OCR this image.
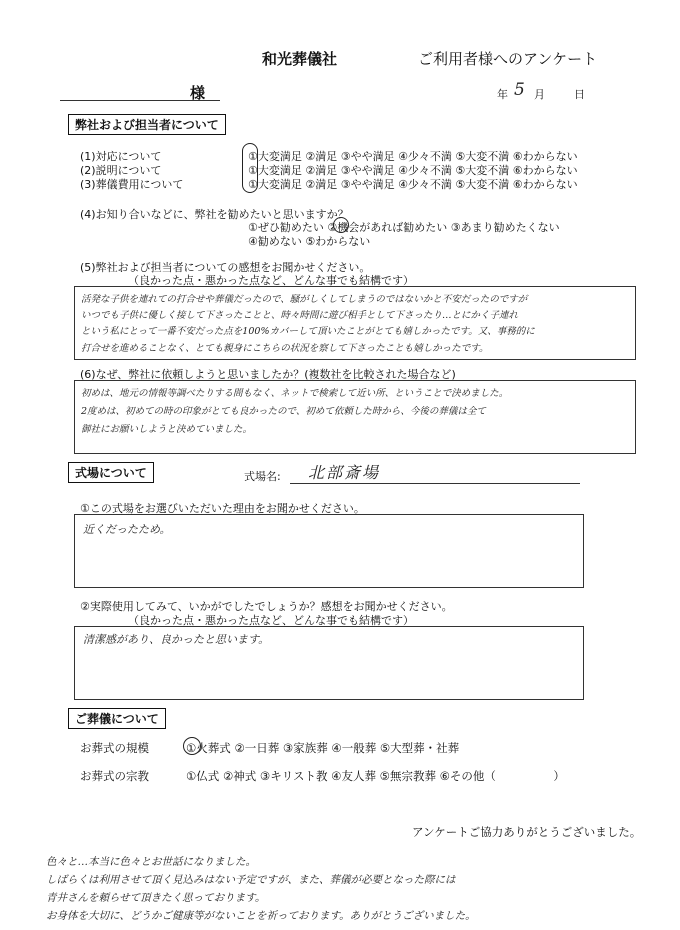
和光葬儀社	ご利用者様へのアンケート
様	年 5 月	日
弊社および担当者について
(1)対応について	①大変満足 ②満足 ③やや満足 ④少々不満 ⑤大変不満 ⑥わからない
(2)説明について	①大変満足 ②満足 ③やや満足 ④少々不満 ⑤大変不満 ⑥わからない
(3)葬儀費用について	①大変満足 ②満足 ③やや満足 ④少々不満 ⑤大変不満 ⑥わからない
(4)お知り合いなどに、弊社を勧めたいと思いますか？
①ぜひ勧めたい ②機会があれば勧めたい ③あまり勧めたくない
④勧めない ⑤わからない
(5)弊社および担当者についての感想をお聞かせください。
（良かった点・悪かった点など、どんな事でも結構です）
活発な子供を連れての打合せや葬儀だったので、騒がしくしてしまうのではないかと不安だったのですが
いつでも子供に優しく接して下さったことと、時々時間に遊び相手として下さったり…とにかく子連れ
という私にとって一番不安だった点を100%カバーして頂いたことがとても嬉しかったです。又、事務的に
打合せを進めることなく、とても親身にこちらの状況を察して下さったことも嬉しかったです。
(6)なぜ、弊社に依頼しようと思いましたか？(複数社を比較された場合など)
初めは、地元の情報等調べたりする間もなく、ネットで検索して近い所、ということで決めました。
2度めは、初めての時の印象がとても良かったので、初めて依頼した時から、今後の葬儀は全て
御社にお願いしようと決めていました。
式場について	式場名: 北部斎場
①この式場をお選びいただいた理由をお聞かせください。
近くだったため。
②実際使用してみて、いかがでしたでしょうか？感想をお聞かせください。
（良かった点・悪かった点など、どんな事でも結構です）
清潔感があり、良かったと思います。
ご葬儀について
お葬式の規模	①火葬式 ②一日葬 ③家族葬 ④一般葬 ⑤大型葬・社葬
お葬式の宗教	①仏式 ②神式 ③キリスト教 ④友人葬 ⑤無宗教葬 ⑥その他（　　　　　）
アンケートご協力ありがとうございました。
色々と…本当に色々とお世話になりました。
しばらくは利用させて頂く見込みはない予定ですが、また、葬儀が必要となった際には
青井さんを頼らせて頂きたく思っております。
お身体を大切に、どうかご健康等がないことを祈っております。ありがとうございました。
